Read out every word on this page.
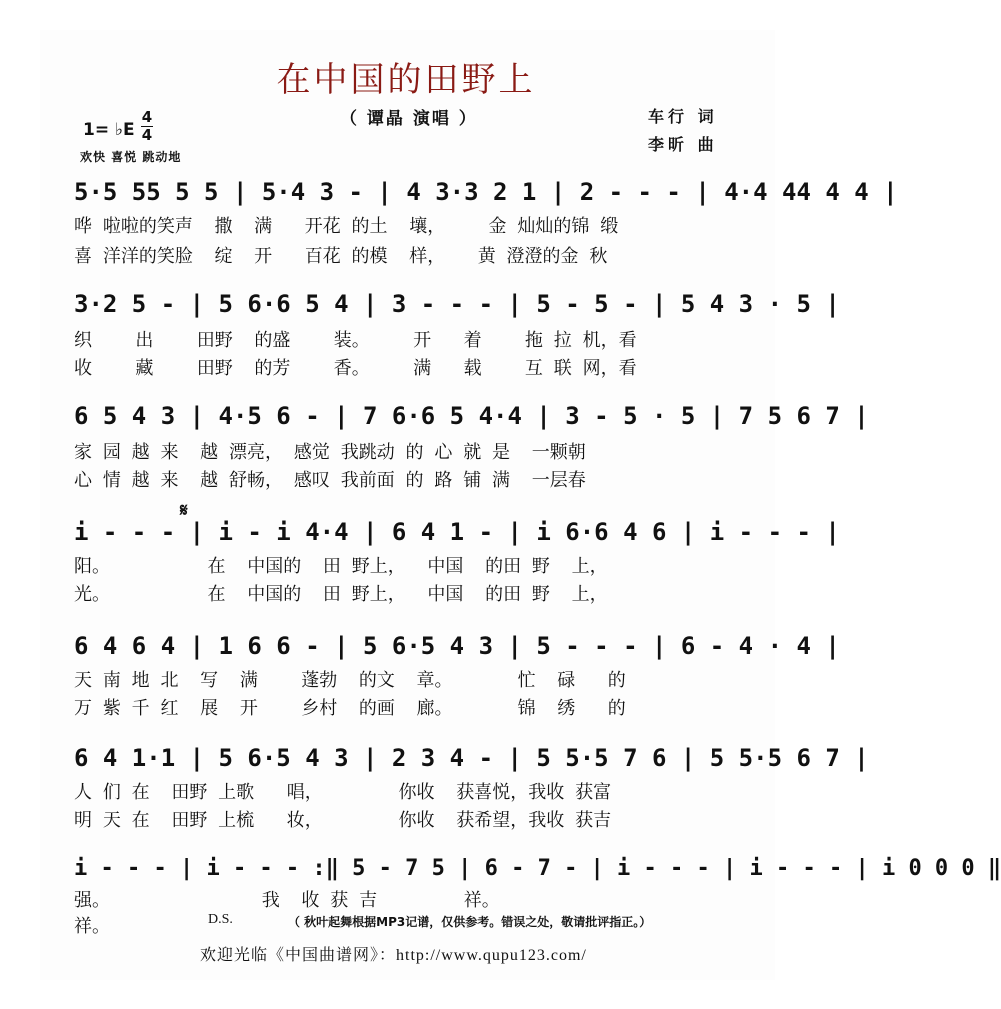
在中国的田野上
（ 谭晶 演唱 ）	车行 词
李昕 曲
1= ♭E
4
4
欢快 喜悦 跳动地
5·5 55 5 5 | 5·4 3 - | 4 3·3 2 1 | 2 - - - | 4·4 44 4 4 |
哗 啦啦的笑声  撒  满   开花 的土  壤，    金 灿灿的锦 缎
喜 洋洋的笑脸  绽  开   百花 的模  样，   黄 澄澄的金 秋
3·2 5 - | 5 6·6 5 4 | 3 - - - | 5 - 5 - | 5 4 3 · 5 |
织    出    田野  的盛    装。    开   着    拖 拉 机，看
收    藏    田野  的芳    香。    满   载    互 联 网，看
6 5 4 3 | 4·5 6 - | 7 6·6 5 4·4 | 3 - 5 · 5 | 7 5 6 7 |
家 园 越 来  越 漂亮， 感觉 我跳动 的 心 就 是  一颗朝
心 情 越 来  越 舒畅， 感叹 我前面 的 路 铺 满  一层春
𝄋
i - - - | i - i 4·4 | 6 4 1 - | i 6·6 4 6 | i - - - |
阳。         在  中国的  田 野上，  中国  的田 野  上，
光。         在  中国的  田 野上，  中国  的田 野  上，
6 4 6 4 | 1 6 6 - | 5 6·5 4 3 | 5 - - - | 6 - 4 · 4 |
天 南 地 北  写  满    蓬勃  的文  章。      忙  碌   的
万 紫 千 红  展  开    乡村  的画  廊。      锦  绣   的
6 4 1·1 | 5 6·5 4 3 | 2 3 4 - | 5 5·5 7 6 | 5 5·5 6 7 |
人 们 在  田野 上歌   唱，       你收  获喜悦，我收 获富
明 天 在  田野 上梳   妆，       你收  获希望，我收 获吉
i - - - | i - - - :‖ 5 - 7 5 | 6 - 7 - | i - - - | i - - - | i 0 0 0 ‖
强。              我  收 获 吉        祥。
祥。	D.S.	（ 秋叶起舞根据MP3记谱，仅供参考。错误之处，敬请批评指正。）
欢迎光临《中国曲谱网》：http://www.qupu123.com/
